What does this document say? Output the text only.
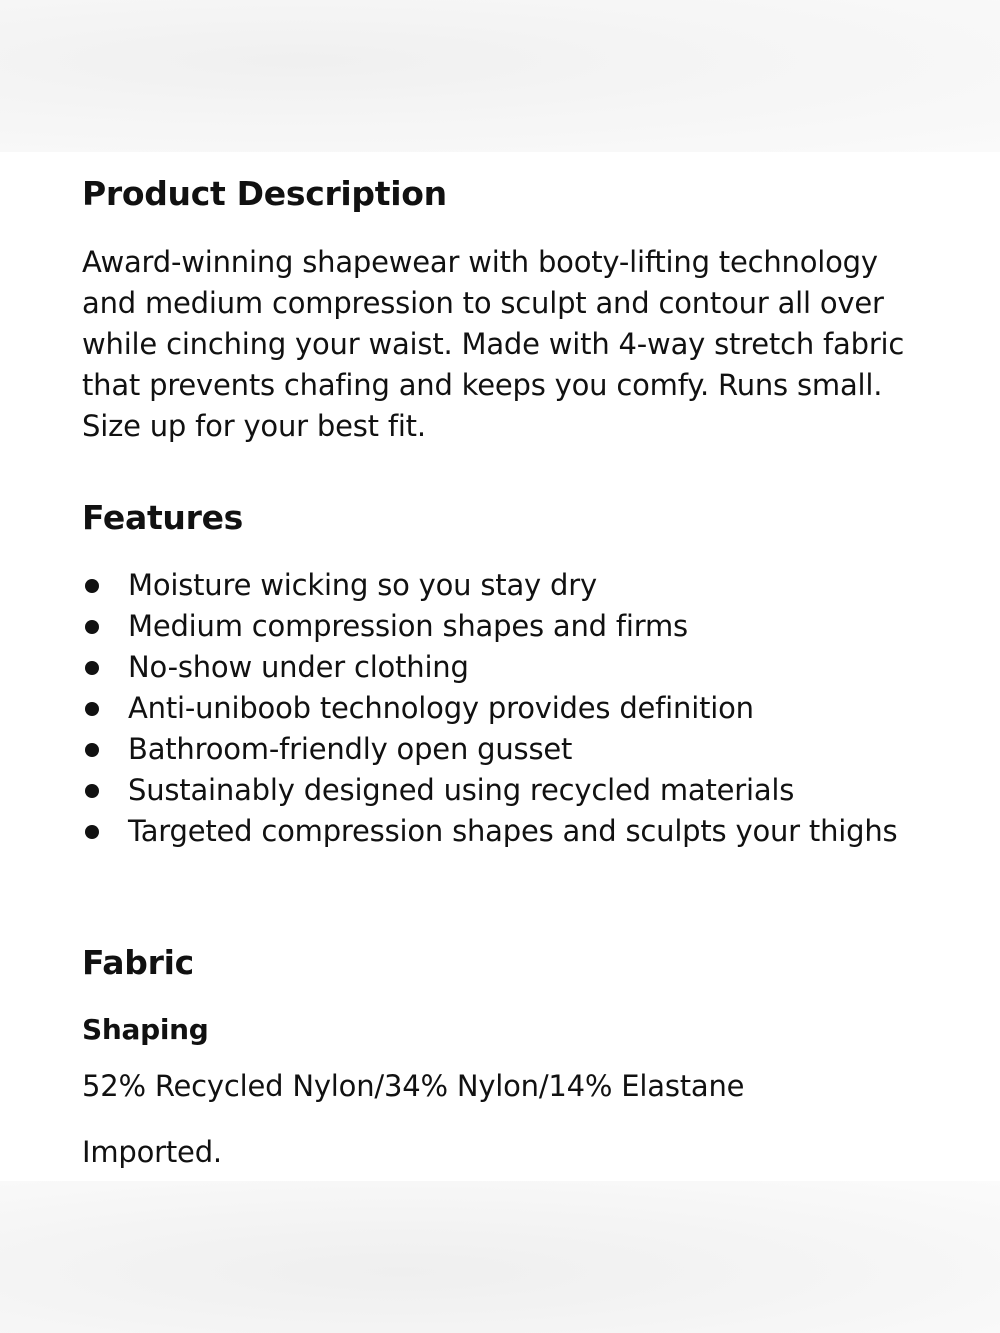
Product Description

Award-winning shapewear with booty-lifting technology and medium compression to sculpt and contour all over while cinching your waist. Made with 4-way stretch fabric that prevents chafing and keeps you comfy. Runs small. Size up for your best fit.

Features
Moisture wicking so you stay dry
Medium compression shapes and firms
No-show under clothing
Anti-uniboob technology provides definition
Bathroom-friendly open gusset
Sustainably designed using recycled materials
Targeted compression shapes and sculpts your thighs
Fabric
Shaping

52% Recycled Nylon/34% Nylon/14% Elastane

Imported.
